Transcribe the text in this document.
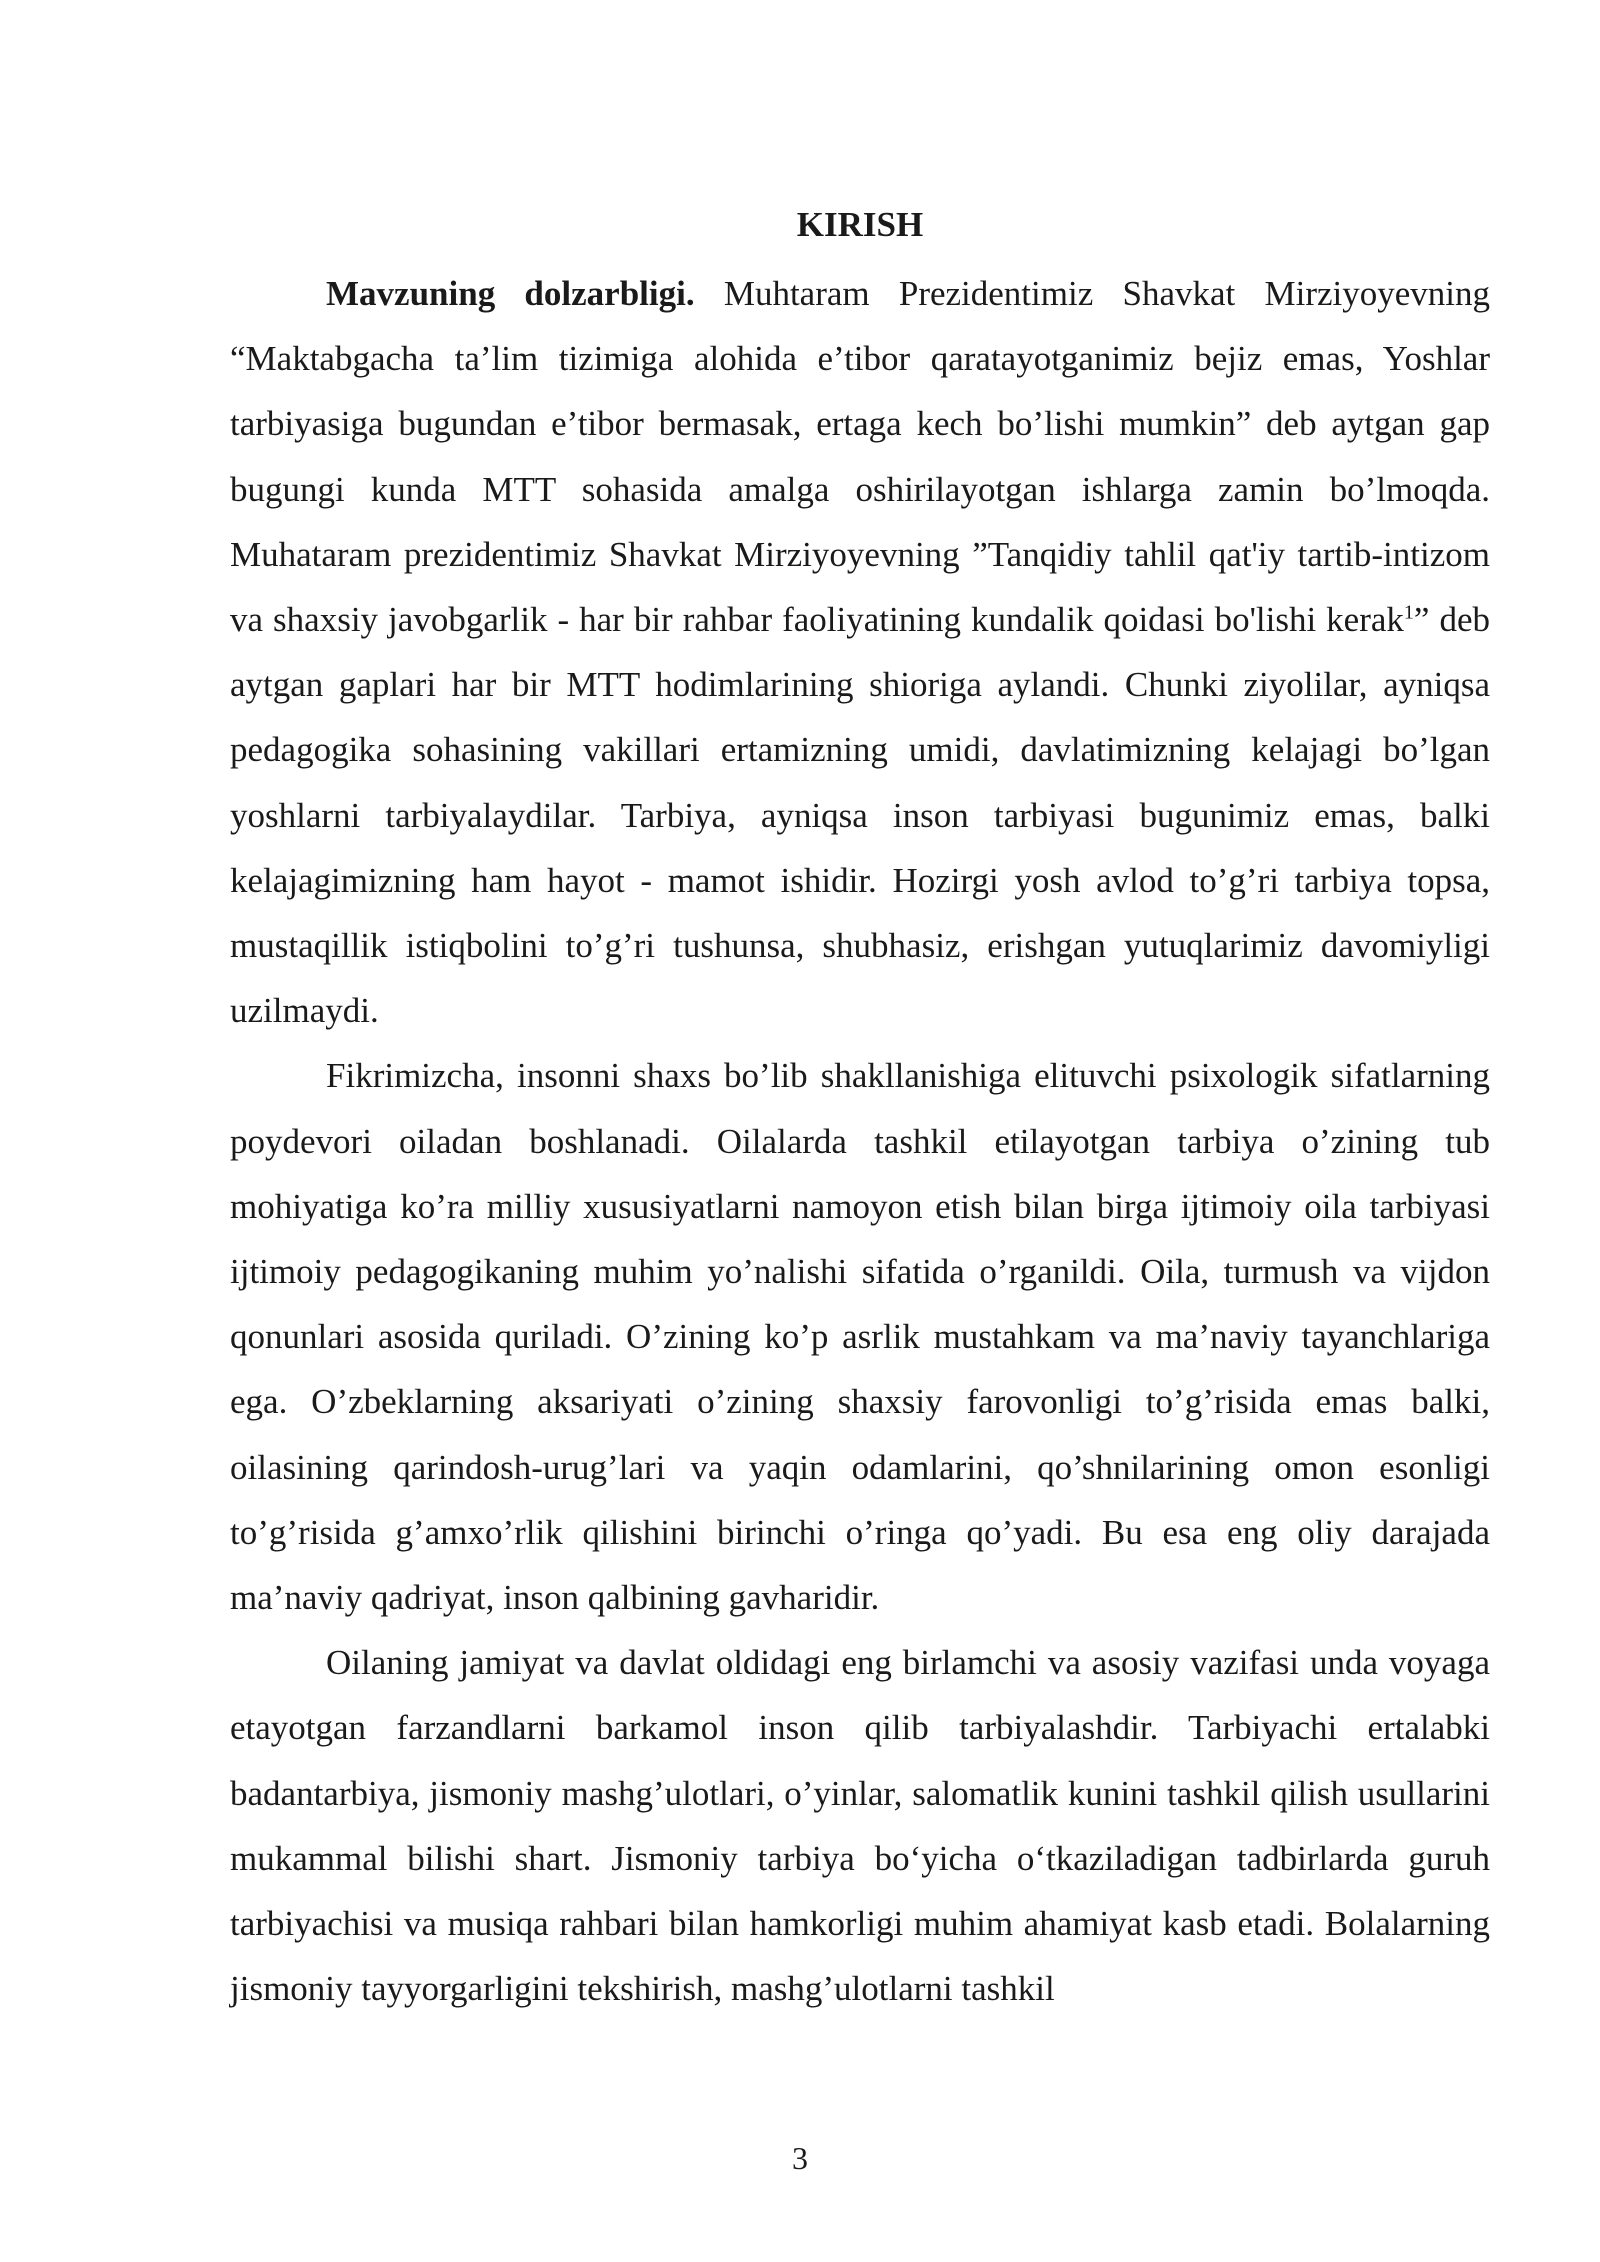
KIRISH

Mavzuning dolzarbligi. Muhtaram Prezidentimiz Shavkat Mirziyoyevning “Maktabgacha ta’lim tizimiga alohida e’tibor qaratayotganimiz bejiz emas, Yoshlar tarbiyasiga bugundan e’tibor bermasak, ertaga kech bo’lishi mumkin” deb aytgan gap bugungi kunda MTT sohasida amalga oshirilayotgan ishlarga zamin bo’lmoqda. Muhataram prezidentimiz Shavkat Mirziyoyevning ”Tanqidiy tahlil qat'iy tartib-intizom va shaxsiy javobgarlik - har bir rahbar faoliyatining kundalik qoidasi bo'lishi kerak$^1$” deb aytgan gaplari har bir MTT hodimlarining shioriga aylandi. Chunki ziyolilar, ayniqsa pedagogika sohasining vakillari ertamizning umidi, davlatimizning kelajagi bo’lgan yoshlarni tarbiyalaydilar. Tarbiya, ayniqsa inson tarbiyasi bugunimiz emas, balki kelajagimizning ham hayot - mamot ishidir. Hozirgi yosh avlod to’g’ri tarbiya topsa, mustaqillik istiqbolini to’g’ri tushunsa, shubhasiz, erishgan yutuqlarimiz davomiyligi uzilmaydi.

Fikrimizcha, insonni shaxs bo’lib shakllanishiga elituvchi psixologik sifatlarning poydevori oiladan boshlanadi. Oilalarda tashkil etilayotgan tarbiya o’zining tub mohiyatiga ko’ra milliy xususiyatlarni namoyon etish bilan birga ijtimoiy oila tarbiyasi ijtimoiy pedagogikaning muhim yo’nalishi sifatida o’rganildi. Oila, turmush va vijdon qonunlari asosida quriladi. O’zining ko’p asrlik mustahkam va ma’naviy tayanchlariga ega. O’zbeklarning aksariyati o’zining shaxsiy farovonligi to’g’risida emas balki, oilasining qarindosh-urug’lari va yaqin odamlarini, qo’shnilarining omon esonligi to’g’risida g’amxo’rlik qilishini birinchi o’ringa qo’yadi. Bu esa eng oliy darajada ma’naviy qadriyat, inson qalbining gavharidir.

Oilaning jamiyat va davlat oldidagi eng birlamchi va asosiy vazifasi unda voyaga etayotgan farzandlarni barkamol inson qilib tarbiyalashdir. Tarbiyachi ertalabki badantarbiya, jismoniy mashg’ulotlari, o’yinlar, salomatlik kunini tashkil qilish usullarini mukammal bilishi shart. Jismoniy tarbiya bo‘yicha o‘tkaziladigan tadbirlarda guruh tarbiyachisi va musiqa rahbari bilan hamkorligi muhim ahamiyat kasb etadi. Bolalarning jismoniy tayyorgarligini tekshirish, mashg’ulotlarni tashkil

3
